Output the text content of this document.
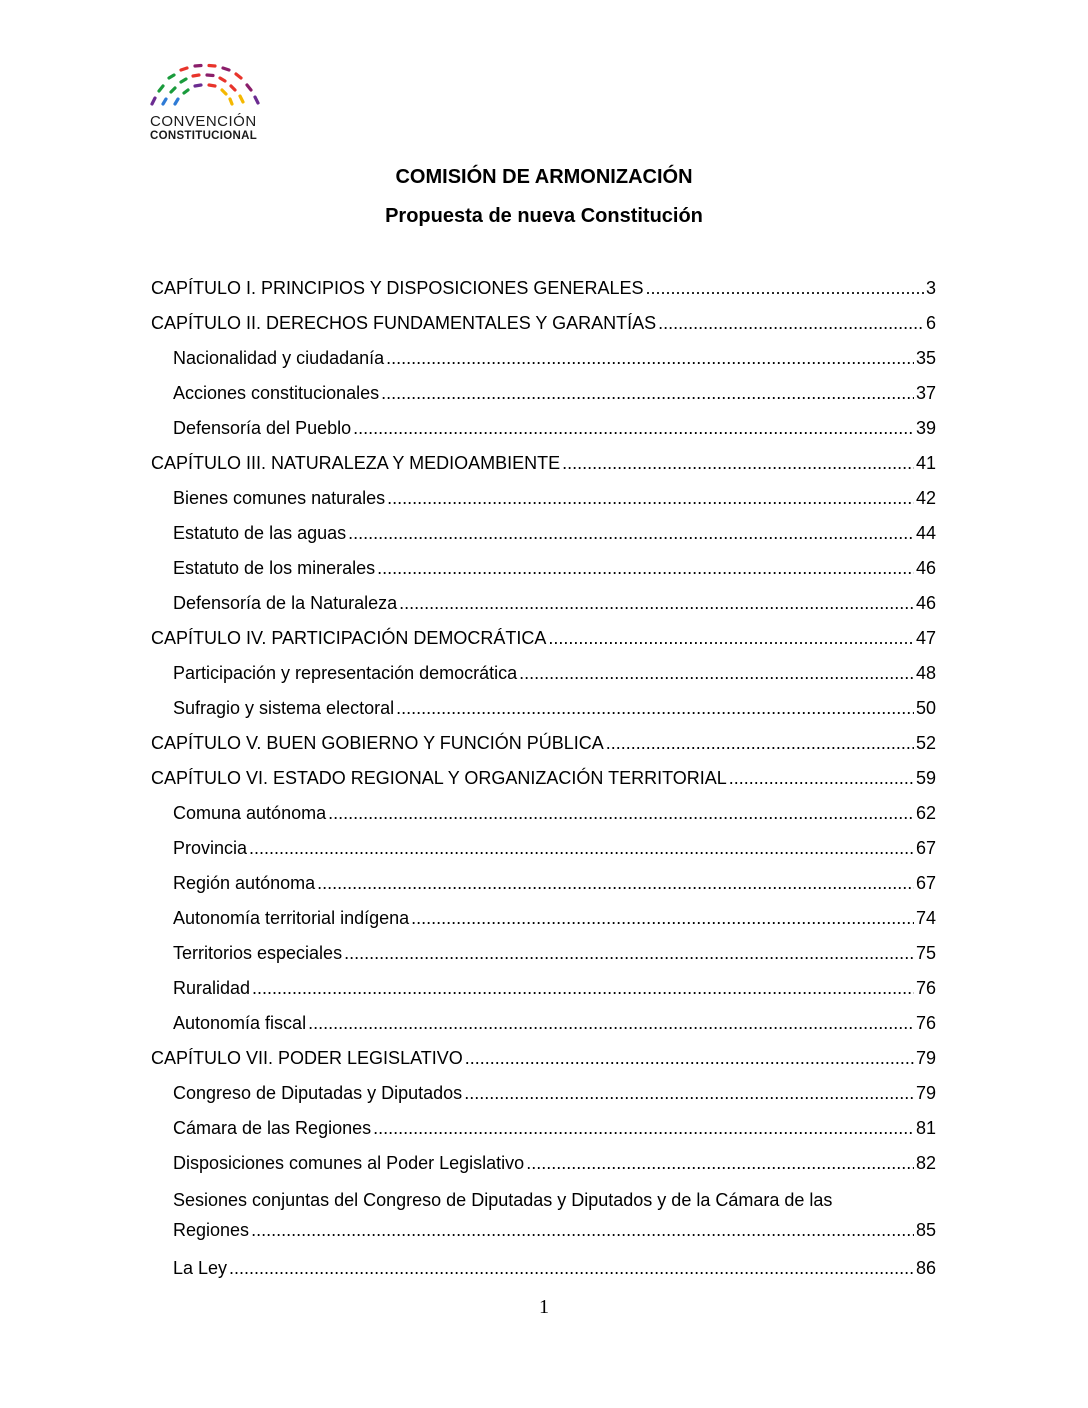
CONVENCIÓN
CONSTITUCIONAL
COMISIÓN DE ARMONIZACIÓN
Propuesta de nueva Constitución
CAPÍTULO I. PRINCIPIOS Y DISPOSICIONES GENERALES .....	3
CAPÍTULO II. DERECHOS FUNDAMENTALES Y GARANTÍAS .....	6
Nacionalidad y ciudadanía .....	35
Acciones constitucionales .....	37
Defensoría del Pueblo .....	39
CAPÍTULO III. NATURALEZA Y MEDIOAMBIENTE .....	41
Bienes comunes naturales .....	42
Estatuto de las aguas .....	44
Estatuto de los minerales .....	46
Defensoría de la Naturaleza .....	46
CAPÍTULO IV. PARTICIPACIÓN DEMOCRÁTICA .....	47
Participación y representación democrática .....	48
Sufragio y sistema electoral .....	50
CAPÍTULO V. BUEN GOBIERNO Y FUNCIÓN PÚBLICA .....	52
CAPÍTULO VI. ESTADO REGIONAL Y ORGANIZACIÓN TERRITORIAL .....	59
Comuna autónoma .....	62
Provincia .....	67
Región autónoma .....	67
Autonomía territorial indígena .....	74
Territorios especiales .....	75
Ruralidad .....	76
Autonomía fiscal .....	76
CAPÍTULO VII. PODER LEGISLATIVO .....	79
Congreso de Diputadas y Diputados .....	79
Cámara de las Regiones .....	81
Disposiciones comunes al Poder Legislativo .....	82
Sesiones conjuntas del Congreso de Diputadas y Diputados y de la Cámara de las
Regiones .....	85
La Ley .....	86
1
